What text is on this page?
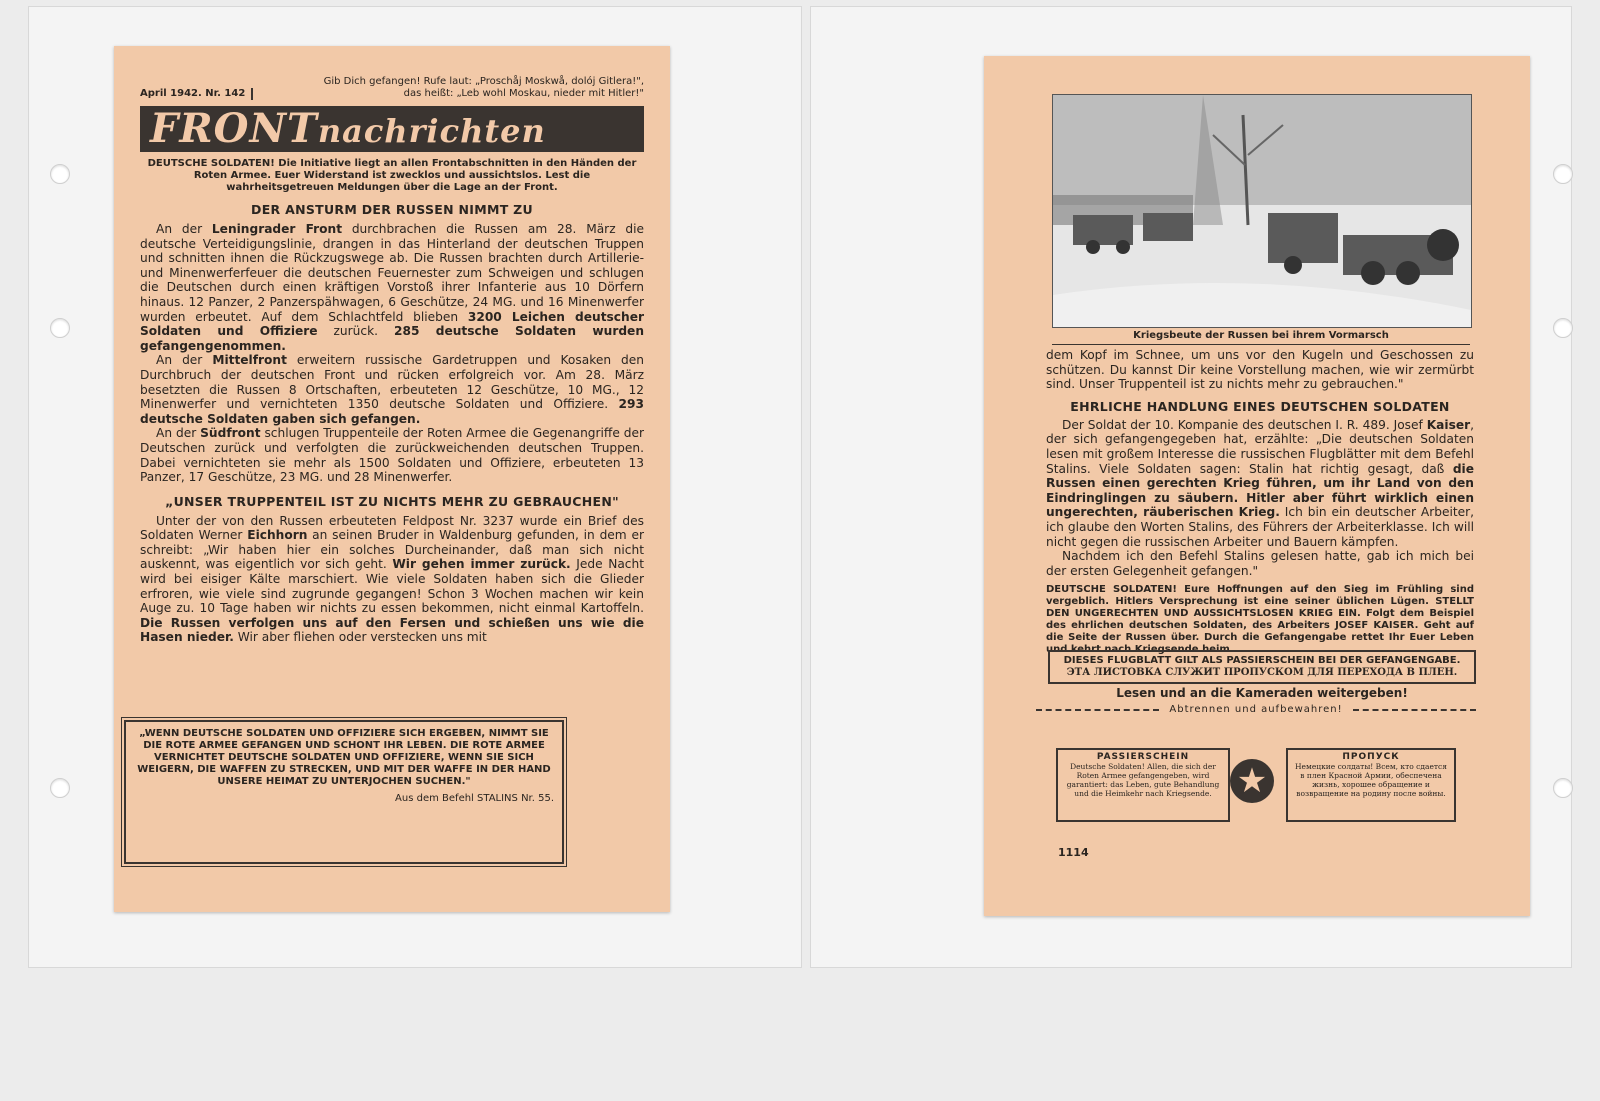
Gib Dich gefangen! Rufe laut: „Proschåj Moskwå, dolój Gitlera!",
April 1942. Nr. 142	das heißt: „Leb wohl Moskau, nieder mit Hitler!"
FRONTnachrichten

DEUTSCHE SOLDATEN! Die Initiative liegt an allen Frontabschnitten in den Händen der Roten Armee. Euer Widerstand ist zwecklos und aussichtslos. Lest die wahrheitsgetreuen Meldungen über die Lage an der Front.

DER ANSTURM DER RUSSEN NIMMT ZU

An der Leningrader Front durchbrachen die Russen am 28. März die deutsche Verteidigungslinie, drangen in das Hinterland der deutschen Truppen und schnitten ihnen die Rückzugswege ab. Die Russen brachten durch Artillerie- und Minenwerferfeuer die deutschen Feuernester zum Schweigen und schlugen die Deutschen durch einen kräftigen Vorstoß ihrer Infanterie aus 10 Dörfern hinaus. 12 Panzer, 2 Panzerspähwagen, 6 Geschütze, 24 MG. und 16 Minenwerfer wurden erbeutet. Auf dem Schlachtfeld blieben 3200 Leichen deutscher Soldaten und Offiziere zurück. 285 deutsche Soldaten wurden gefangengenommen.

An der Mittelfront erweitern russische Gardetruppen und Kosaken den Durchbruch der deutschen Front und rücken erfolgreich vor. Am 28. März besetzten die Russen 8 Ortschaften, erbeuteten 12 Geschütze, 10 MG., 12 Minenwerfer und vernichteten 1350 deutsche Soldaten und Offiziere. 293 deutsche Soldaten gaben sich gefangen.

An der Südfront schlugen Truppenteile der Roten Armee die Gegenangriffe der Deutschen zurück und verfolgten die zurückweichenden deutschen Truppen. Dabei vernichteten sie mehr als 1500 Soldaten und Offiziere, erbeuteten 13 Panzer, 17 Geschütze, 23 MG. und 28 Minenwerfer.

„UNSER TRUPPENTEIL IST ZU NICHTS MEHR ZU GEBRAUCHEN"

Unter der von den Russen erbeuteten Feldpost Nr. 3237 wurde ein Brief des Soldaten Werner Eichhorn an seinen Bruder in Waldenburg gefunden, in dem er schreibt: „Wir haben hier ein solches Durcheinander, daß man sich nicht auskennt, was eigentlich vor sich geht. Wir gehen immer zurück. Jede Nacht wird bei eisiger Kälte marschiert. Wie viele Soldaten haben sich die Glieder erfroren, wie viele sind zugrunde gegangen! Schon 3 Wochen machen wir kein Auge zu. 10 Tage haben wir nichts zu essen bekommen, nicht einmal Kartoffeln. Die Russen verfolgen uns auf den Fersen und schießen uns wie die Hasen nieder. Wir aber fliehen oder verstecken uns mit

„WENN DEUTSCHE SOLDATEN UND OFFIZIERE SICH ERGEBEN, NIMMT SIE DIE ROTE ARMEE GEFANGEN UND SCHONT IHR LEBEN. DIE ROTE ARMEE VERNICHTET DEUTSCHE SOLDATEN UND OFFIZIERE, WENN SIE SICH WEIGERN, DIE WAFFEN ZU STRECKEN, UND MIT DER WAFFE IN DER HAND UNSERE HEIMAT ZU UNTERJOCHEN SUCHEN."

Aus dem Befehl STALINS Nr. 55.
Kriegsbeute der Russen bei ihrem Vormarsch

dem Kopf im Schnee, um uns vor den Kugeln und Geschossen zu schützen. Du kannst Dir keine Vorstellung machen, wie wir zermürbt sind. Unser Truppenteil ist zu nichts mehr zu gebrauchen."

EHRLICHE HANDLUNG EINES DEUTSCHEN SOLDATEN

Der Soldat der 10. Kompanie des deutschen I. R. 489. Josef Kaiser, der sich gefangengegeben hat, erzählte: „Die deutschen Soldaten lesen mit großem Interesse die russischen Flugblätter mit dem Befehl Stalins. Viele Soldaten sagen: Stalin hat richtig gesagt, daß die Russen einen gerechten Krieg führen, um ihr Land von den Eindringlingen zu säubern. Hitler aber führt wirklich einen ungerechten, räuberischen Krieg. Ich bin ein deutscher Arbeiter, ich glaube den Worten Stalins, des Führers der Arbeiterklasse. Ich will nicht gegen die russischen Arbeiter und Bauern kämpfen.

Nachdem ich den Befehl Stalins gelesen hatte, gab ich mich bei der ersten Gelegenheit gefangen."

DEUTSCHE SOLDATEN! Eure Hoffnungen auf den Sieg im Frühling sind vergeblich. Hitlers Versprechung ist eine seiner üblichen Lügen. STELLT DEN UNGERECHTEN UND AUSSICHTSLOSEN KRIEG EIN. Folgt dem Beispiel des ehrlichen deutschen Soldaten, des Arbeiters JOSEF KAISER. Geht auf die Seite der Russen über. Durch die Gefangengabe rettet Ihr Euer Leben und kehrt nach Kriegsende heim.

DIESES FLUGBLATT GILT ALS PASSIERSCHEIN BEI DER GEFANGENGABE.
ЭТА ЛИСТОВКА СЛУЖИТ ПРОПУСКОМ ДЛЯ ПЕРЕХОДА В ПЛЕН.
Lesen und an die Kameraden weitergeben!
Abtrennen und aufbewahren!
PASSIERSCHEIN
Deutsche Soldaten! Allen, die sich der Roten Armee gefangengeben, wird garantiert: das Leben, gute Behandlung und die Heimkehr nach Kriegsende. ★
ПРОПУСК
Немецкие солдаты! Всем, кто сдается в плен Красной Армии, обеспечена жизнь, хорошее обращение и возвращение на родину после войны.
1114
